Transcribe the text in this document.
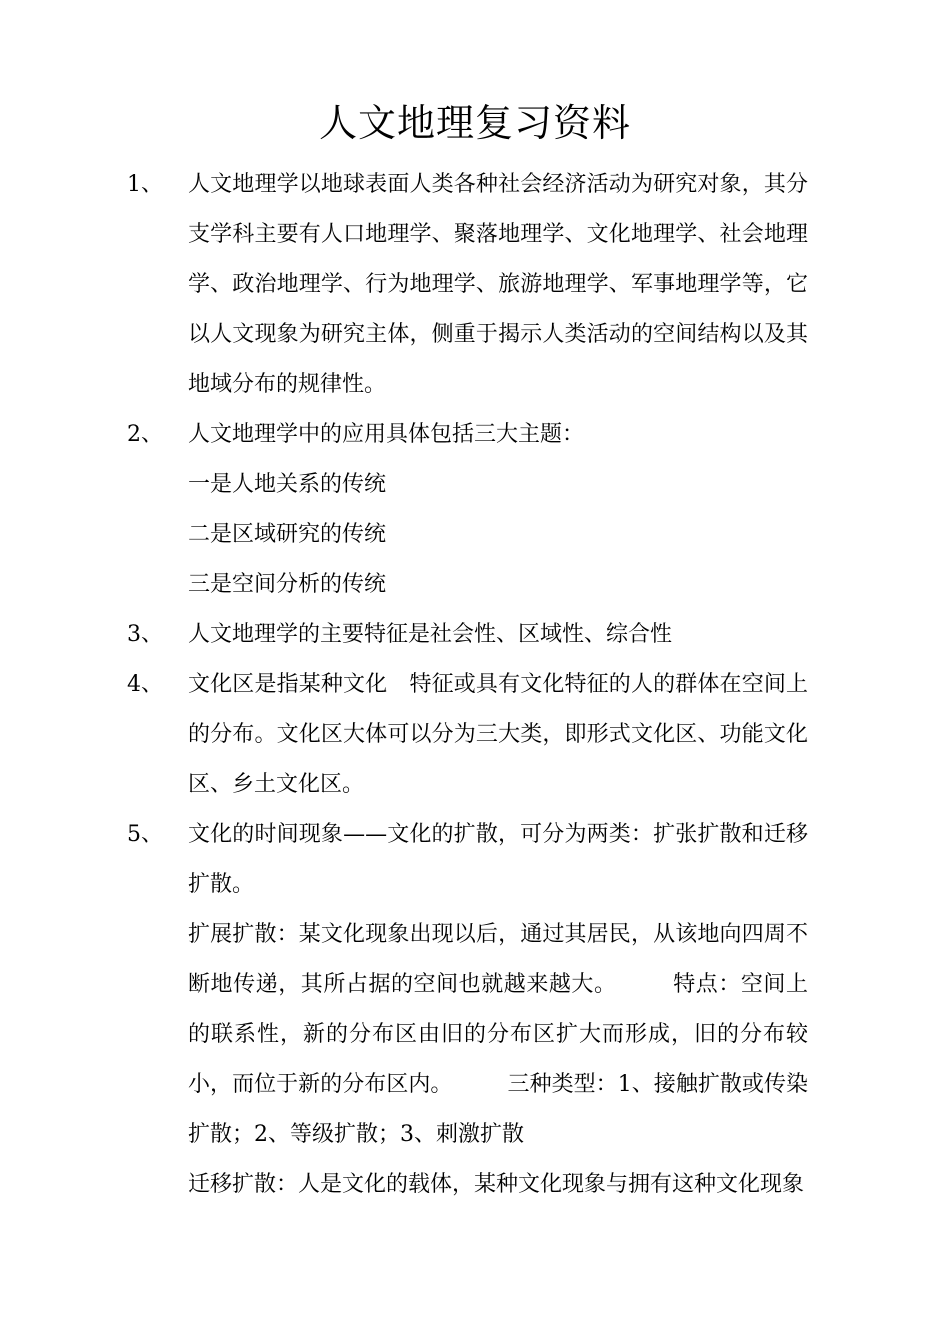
人文地理复习资料
1、 人文地理学以地球表面人类各种社会经济活动为研究对象，其分支学科主要有人口地理学、聚落地理学、文化地理学、社会地理学、政治地理学、行为地理学、旅游地理学、军事地理学等，它以人文现象为研究主体，侧重于揭示人类活动的空间结构以及其地域分布的规律性。

2、 人文地理学中的应用具体包括三大主题：

一是人地关系的传统

二是区域研究的传统

三是空间分析的传统

3、 人文地理学的主要特征是社会性、区域性、综合性

4、 文化区是指某种文化　特征或具有文化特征的人的群体在空间上的分布。文化区大体可以分为三大类，即形式文化区、功能文化区、乡土文化区。

5、 文化的时间现象——文化的扩散，可分为两类：扩张扩散和迁移扩散。

扩展扩散：某文化现象出现以后，通过其居民，从该地向四周不断地传递，其所占据的空间也就越来越大。　　　特点：空间上的联系性，新的分布区由旧的分布区扩大而形成，旧的分布较小，而位于新的分布区内。　　　三种类型：1、接触扩散或传染扩散；2、等级扩散；3、刺激扩散

迁移扩散：人是文化的载体，某种文化现象与拥有这种文化现象
